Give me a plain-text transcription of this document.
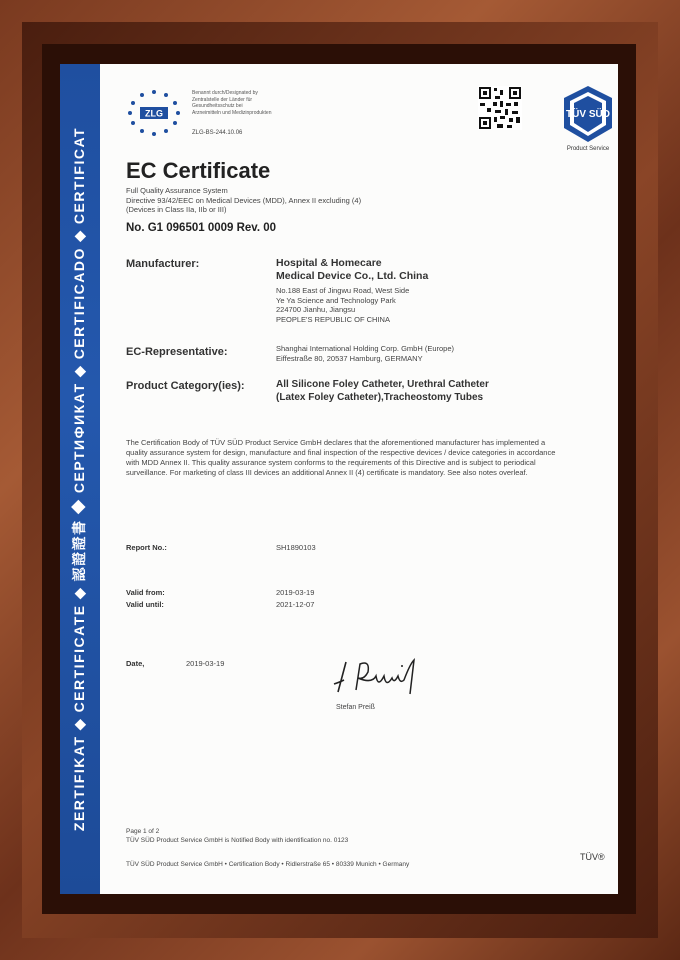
ZERTIFIKAT ◆ CERTIFICATE ◆ 認證證書 ◆ СЕРТИФИКАТ ◆ CERTIFICADO ◆ CERTIFICAT
ZLG
Benannt durch/Designated by Zentralstelle der Länder für Gesundheitsschutz bei Arzneimitteln und Medizinprodukten
ZLG-BS-244.10.06
TÜV SÜD
Product Service
EC Certificate
Full Quality Assurance System
Directive 93/42/EEC on Medical Devices (MDD), Annex II excluding (4)
(Devices in Class IIa, IIb or III)
No. G1 096501 0009 Rev. 00
Manufacturer:	Hospital & Homecare
Medical Device Co., Ltd. China
No.188 East of Jingwu Road, West Side
Ye Ya Science and Technology Park
224700 Jianhu, Jiangsu
PEOPLE'S REPUBLIC OF CHINA
EC-Representative:	Shanghai International Holding Corp. GmbH (Europe)
Eiffestraße 80, 20537 Hamburg, GERMANY
Product Category(ies):	All Silicone Foley Catheter, Urethral Catheter
(Latex Foley Catheter),Tracheostomy Tubes
The Certification Body of TÜV SÜD Product Service GmbH declares that the aforementioned manufacturer has implemented a quality assurance system for design, manufacture and final inspection of the respective devices / device categories in accordance with MDD Annex II. This quality assurance system conforms to the requirements of this Directive and is subject to periodical surveillance. For marketing of class III devices an additional Annex II (4) certificate is mandatory. See also notes overleaf.
Report No.:	SH1890103
Valid from:	2019-03-19
Valid until:	2021-12-07
Date,	2019-03-19
Stefan Preiß
Page 1 of 2
TÜV SÜD Product Service GmbH is Notified Body with identification no. 0123
TÜV SÜD Product Service GmbH • Certification Body • Ridlerstraße 65 • 80339 Munich • Germany
TÜV®
